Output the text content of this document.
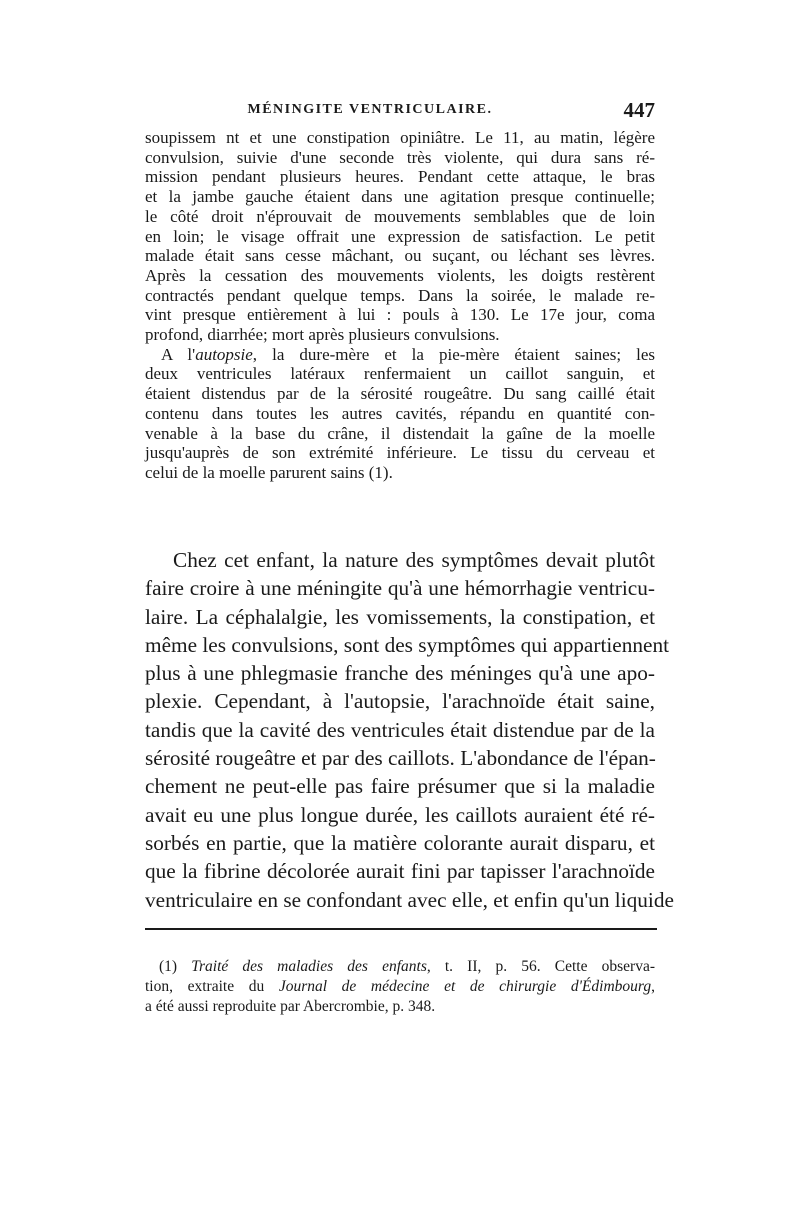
MÉNINGITE VENTRICULAIRE.	447
soupissem nt et une constipation opiniâtre. Le 11, au matin, légère
convulsion, suivie d'une seconde très violente, qui dura sans ré-
mission pendant plusieurs heures. Pendant cette attaque, le bras
et la jambe gauche étaient dans une agitation presque continuelle;
le côté droit n'éprouvait de mouvements semblables que de loin
en loin; le visage offrait une expression de satisfaction. Le petit
malade était sans cesse mâchant, ou suçant, ou léchant ses lèvres.
Après la cessation des mouvements violents, les doigts restèrent
contractés pendant quelque temps. Dans la soirée, le malade re-
vint presque entièrement à lui : pouls à 130. Le 17e jour, coma
profond, diarrhée; mort après plusieurs convulsions.
A l'autopsie, la dure-mère et la pie-mère étaient saines; les
deux ventricules latéraux renfermaient un caillot sanguin, et
étaient distendus par de la sérosité rougeâtre. Du sang caillé était
contenu dans toutes les autres cavités, répandu en quantité con-
venable à la base du crâne, il distendait la gaîne de la moelle
jusqu'auprès de son extrémité inférieure. Le tissu du cerveau et
celui de la moelle parurent sains (1).
Chez cet enfant, la nature des symptômes devait plutôt
faire croire à une méningite qu'à une hémorrhagie ventricu-
laire. La céphalalgie, les vomissements, la constipation, et
même les convulsions, sont des symptômes qui appartiennent
plus à une phlegmasie franche des méninges qu'à une apo-
plexie. Cependant, à l'autopsie, l'arachnoïde était saine,
tandis que la cavité des ventricules était distendue par de la
sérosité rougeâtre et par des caillots. L'abondance de l'épan-
chement ne peut-elle pas faire présumer que si la maladie
avait eu une plus longue durée, les caillots auraient été ré-
sorbés en partie, que la matière colorante aurait disparu, et
que la fibrine décolorée aurait fini par tapisser l'arachnoïde
ventriculaire en se confondant avec elle, et enfin qu'un liquide
(1) Traité des maladies des enfants, t. II, p. 56. Cette observa-
tion, extraite du Journal de médecine et de chirurgie d'Édimbourg,
a été aussi reproduite par Abercrombie, p. 348.
